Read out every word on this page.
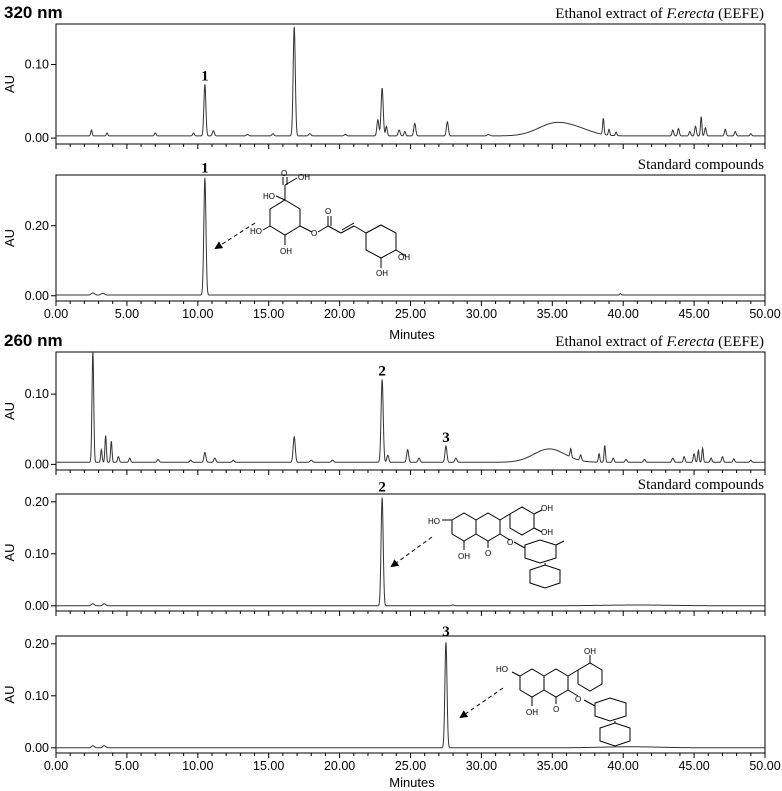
320 nm
260 nm
Ethanol extract of F.erecta (EEFE)
Standard compounds
Ethanol extract of F.erecta (EEFE)
Standard compounds
0.00
0.10
AU	1
0.00
0.20
AU
0.00	5.00	10.00	15.00	20.00	25.00	30.00	35.00	40.00	45.00	50.00
1
0.00
0.10
AU
2
3
0.00
0.10
0.20
AU
2
0.00
0.10
0.20
AU
0.00	5.00	10.00	15.00	20.00	25.00	30.00	35.00	40.00	45.00	50.00
3
Minutes
Minutes
O OH
HO
HO
OH
O
O
OH
OH
HO
OH O
O
OH
OH
HO
OH O
O
OH
